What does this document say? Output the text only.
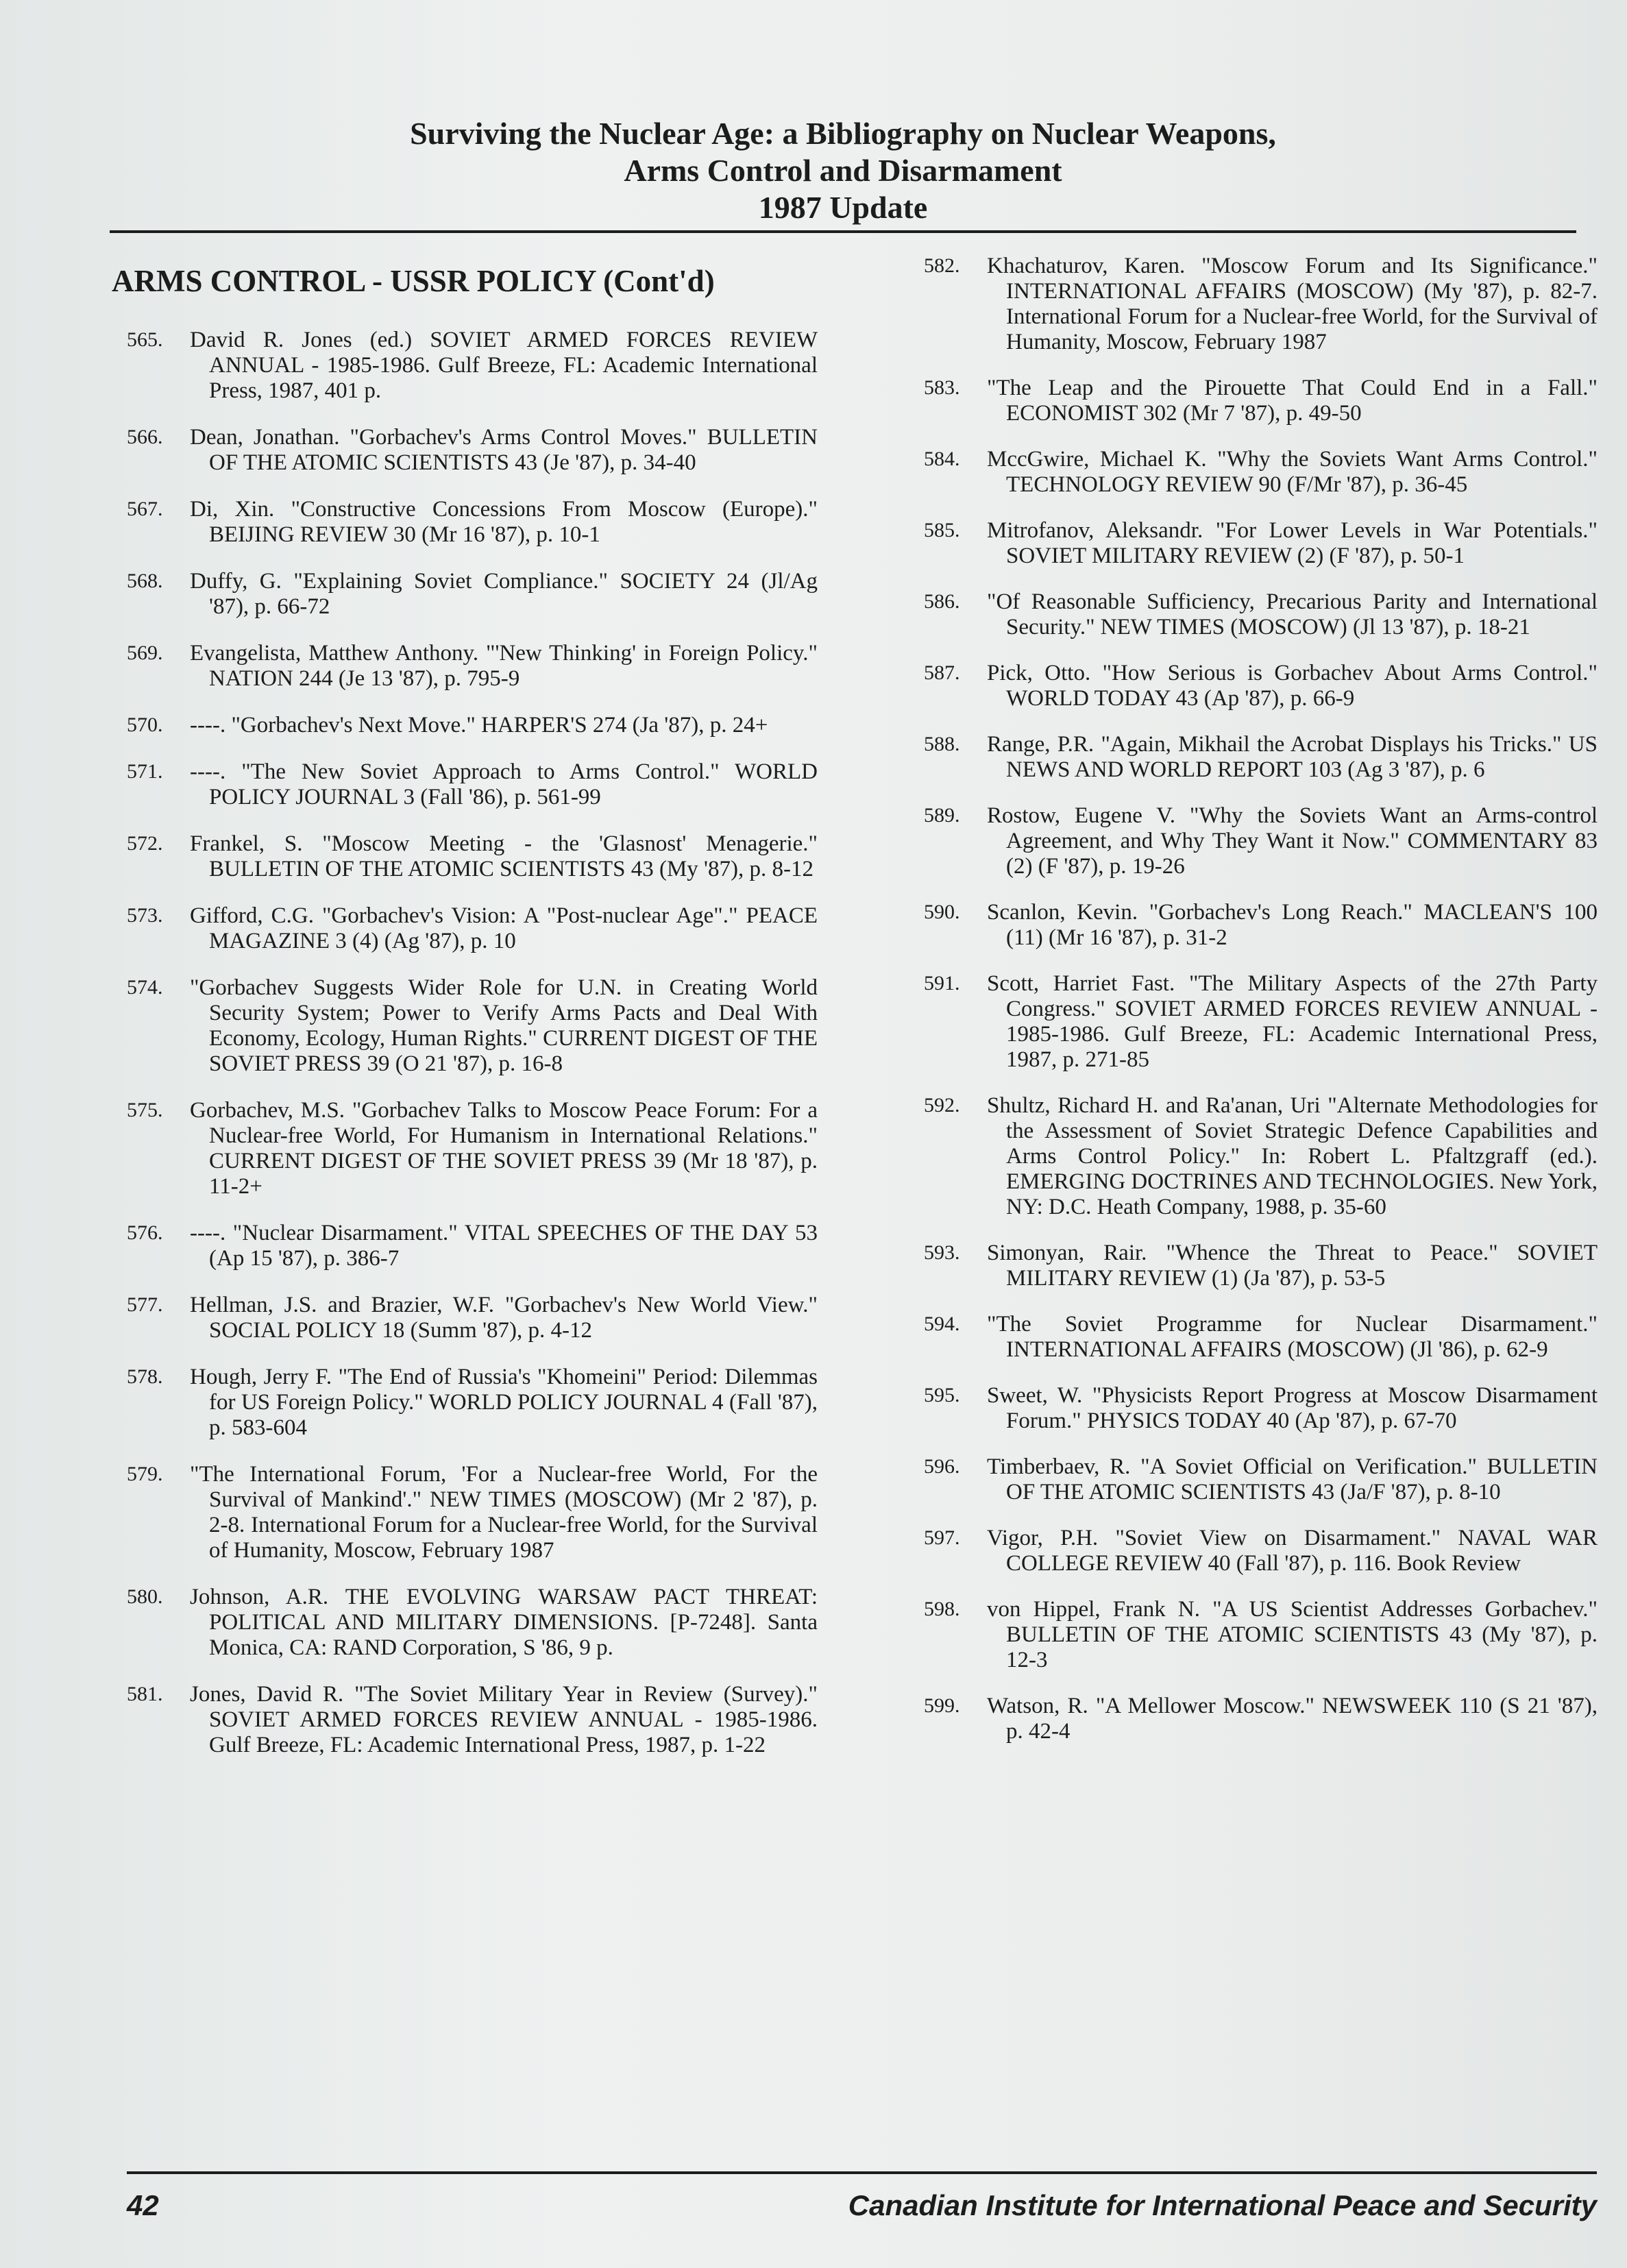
Surviving the Nuclear Age: a Bibliography on Nuclear Weapons,
Arms Control and Disarmament
1987 Update
ARMS CONTROL - USSR POLICY (Cont'd)
565. David R. Jones (ed.) SOVIET ARMED FORCES REVIEW ANNUAL - 1985-1986. Gulf Breeze, FL: Academic International Press, 1987, 401 p.
566. Dean, Jonathan. "Gorbachev's Arms Control Moves." BULLETIN OF THE ATOMIC SCIENTISTS 43 (Je '87), p. 34-40
567. Di, Xin. "Constructive Concessions From Moscow (Europe)." BEIJING REVIEW 30 (Mr 16 '87), p. 10-1
568. Duffy, G. "Explaining Soviet Compliance." SOCIETY 24 (Jl/Ag '87), p. 66-72
569. Evangelista, Matthew Anthony. "'New Thinking' in Foreign Policy." NATION 244 (Je 13 '87), p. 795-9
570. ----. "Gorbachev's Next Move." HARPER'S 274 (Ja '87), p. 24+
571. ----. "The New Soviet Approach to Arms Control." WORLD POLICY JOURNAL 3 (Fall '86), p. 561-99
572. Frankel, S. "Moscow Meeting - the 'Glasnost' Menagerie." BULLETIN OF THE ATOMIC SCIENTISTS 43 (My '87), p. 8-12
573. Gifford, C.G. "Gorbachev's Vision: A "Post-nuclear Age"." PEACE MAGAZINE 3 (4) (Ag '87), p. 10
574. "Gorbachev Suggests Wider Role for U.N. in Creating World Security System; Power to Verify Arms Pacts and Deal With Economy, Ecology, Human Rights." CURRENT DIGEST OF THE SOVIET PRESS 39 (O 21 '87), p. 16-8
575. Gorbachev, M.S. "Gorbachev Talks to Moscow Peace Forum: For a Nuclear-free World, For Humanism in International Relations." CURRENT DIGEST OF THE SOVIET PRESS 39 (Mr 18 '87), p. 11-2+
576. ----. "Nuclear Disarmament." VITAL SPEECHES OF THE DAY 53 (Ap 15 '87), p. 386-7
577. Hellman, J.S. and Brazier, W.F. "Gorbachev's New World View." SOCIAL POLICY 18 (Summ '87), p. 4-12
578. Hough, Jerry F. "The End of Russia's "Khomeini" Period: Dilemmas for US Foreign Policy." WORLD POLICY JOURNAL 4 (Fall '87), p. 583-604
579. "The International Forum, 'For a Nuclear-free World, For the Survival of Mankind'." NEW TIMES (MOSCOW) (Mr 2 '87), p. 2-8. International Forum for a Nuclear-free World, for the Survival of Humanity, Moscow, February 1987
580. Johnson, A.R. THE EVOLVING WARSAW PACT THREAT: POLITICAL AND MILITARY DIMENSIONS. [P-7248]. Santa Monica, CA: RAND Corporation, S '86, 9 p.
581. Jones, David R. "The Soviet Military Year in Review (Survey)." SOVIET ARMED FORCES REVIEW ANNUAL - 1985-1986. Gulf Breeze, FL: Academic International Press, 1987, p. 1-22
582. Khachaturov, Karen. "Moscow Forum and Its Significance." INTERNATIONAL AFFAIRS (MOSCOW) (My '87), p. 82-7. International Forum for a Nuclear-free World, for the Survival of Humanity, Moscow, February 1987
583. "The Leap and the Pirouette That Could End in a Fall." ECONOMIST 302 (Mr 7 '87), p. 49-50
584. MccGwire, Michael K. "Why the Soviets Want Arms Control." TECHNOLOGY REVIEW 90 (F/Mr '87), p. 36-45
585. Mitrofanov, Aleksandr. "For Lower Levels in War Potentials." SOVIET MILITARY REVIEW (2) (F '87), p. 50-1
586. "Of Reasonable Sufficiency, Precarious Parity and International Security." NEW TIMES (MOSCOW) (Jl 13 '87), p. 18-21
587. Pick, Otto. "How Serious is Gorbachev About Arms Control." WORLD TODAY 43 (Ap '87), p. 66-9
588. Range, P.R. "Again, Mikhail the Acrobat Displays his Tricks." US NEWS AND WORLD REPORT 103 (Ag 3 '87), p. 6
589. Rostow, Eugene V. "Why the Soviets Want an Arms-control Agreement, and Why They Want it Now." COMMENTARY 83 (2) (F '87), p. 19-26
590. Scanlon, Kevin. "Gorbachev's Long Reach." MACLEAN'S 100 (11) (Mr 16 '87), p. 31-2
591. Scott, Harriet Fast. "The Military Aspects of the 27th Party Congress." SOVIET ARMED FORCES REVIEW ANNUAL - 1985-1986. Gulf Breeze, FL: Academic International Press, 1987, p. 271-85
592. Shultz, Richard H. and Ra'anan, Uri "Alternate Methodologies for the Assessment of Soviet Strategic Defence Capabilities and Arms Control Policy." In: Robert L. Pfaltzgraff (ed.). EMERGING DOCTRINES AND TECHNOLOGIES. New York, NY: D.C. Heath Company, 1988, p. 35-60
593. Simonyan, Rair. "Whence the Threat to Peace." SOVIET MILITARY REVIEW (1) (Ja '87), p. 53-5
594. "The Soviet Programme for Nuclear Disarmament." INTERNATIONAL AFFAIRS (MOSCOW) (Jl '86), p. 62-9
595. Sweet, W. "Physicists Report Progress at Moscow Disarmament Forum." PHYSICS TODAY 40 (Ap '87), p. 67-70
596. Timberbaev, R. "A Soviet Official on Verification." BULLETIN OF THE ATOMIC SCIENTISTS 43 (Ja/F '87), p. 8-10
597. Vigor, P.H. "Soviet View on Disarmament." NAVAL WAR COLLEGE REVIEW 40 (Fall '87), p. 116. Book Review
598. von Hippel, Frank N. "A US Scientist Addresses Gorbachev." BULLETIN OF THE ATOMIC SCIENTISTS 43 (My '87), p. 12-3
599. Watson, R. "A Mellower Moscow." NEWSWEEK 110 (S 21 '87), p. 42-4
42	Canadian Institute for International Peace and Security
